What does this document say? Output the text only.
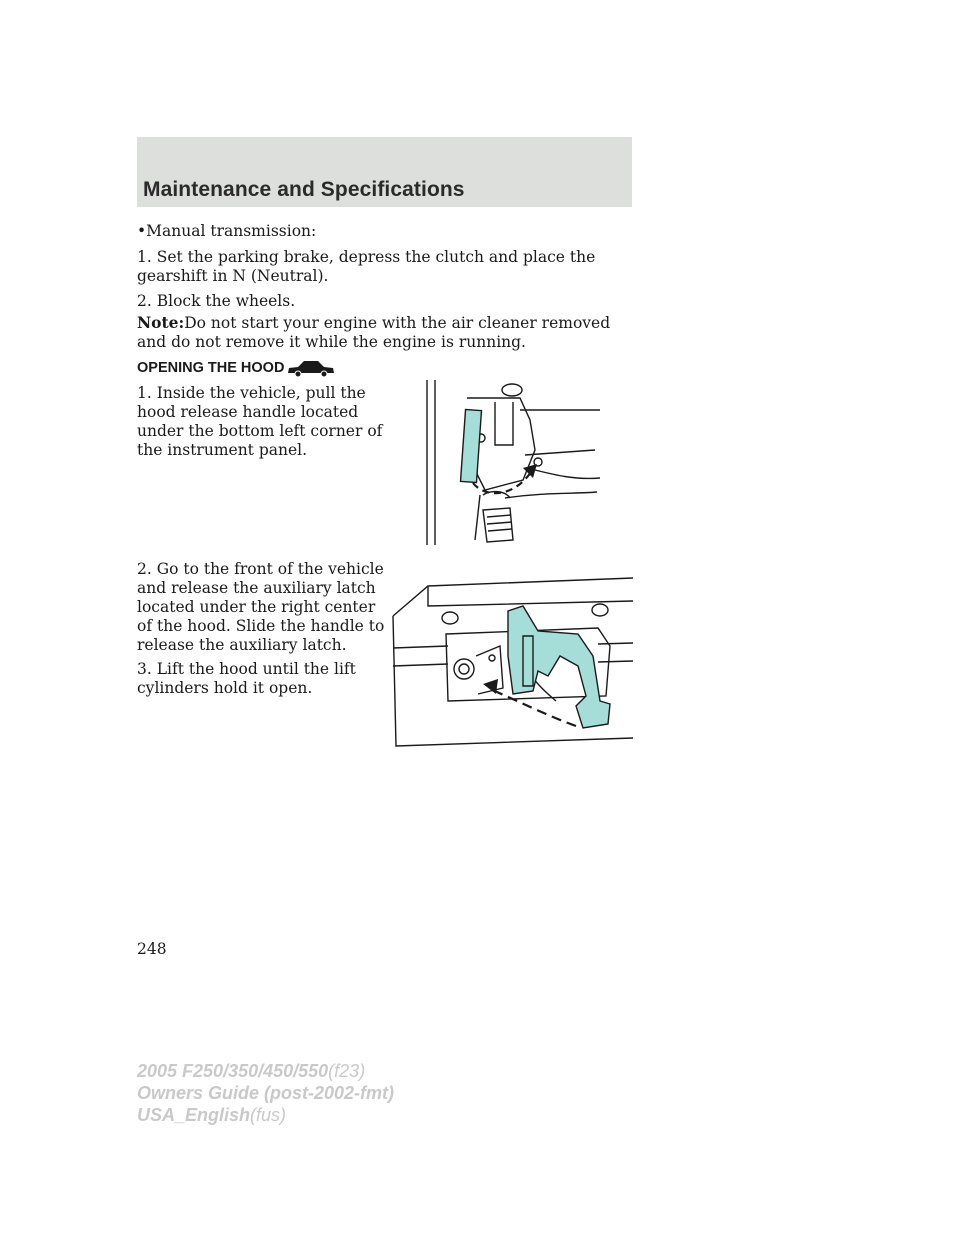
Maintenance and Specifications
•Manual transmission:
1. Set the parking brake, depress the clutch and place the gearshift in N (Neutral).
2. Block the wheels.
Note:Do not start your engine with the air cleaner removed and do not remove it while the engine is running.
OPENING THE HOOD
1. Inside the vehicle, pull the hood release handle located under the bottom left corner of the instrument panel.
2. Go to the front of the vehicle and release the auxiliary latch located under the right center of the hood. Slide the handle to release the auxiliary latch.
3. Lift the hood until the lift cylinders hold it open.
248
2005 F250/350/450/550(f23)
Owners Guide (post-2002-fmt)
USA_English(fus)
